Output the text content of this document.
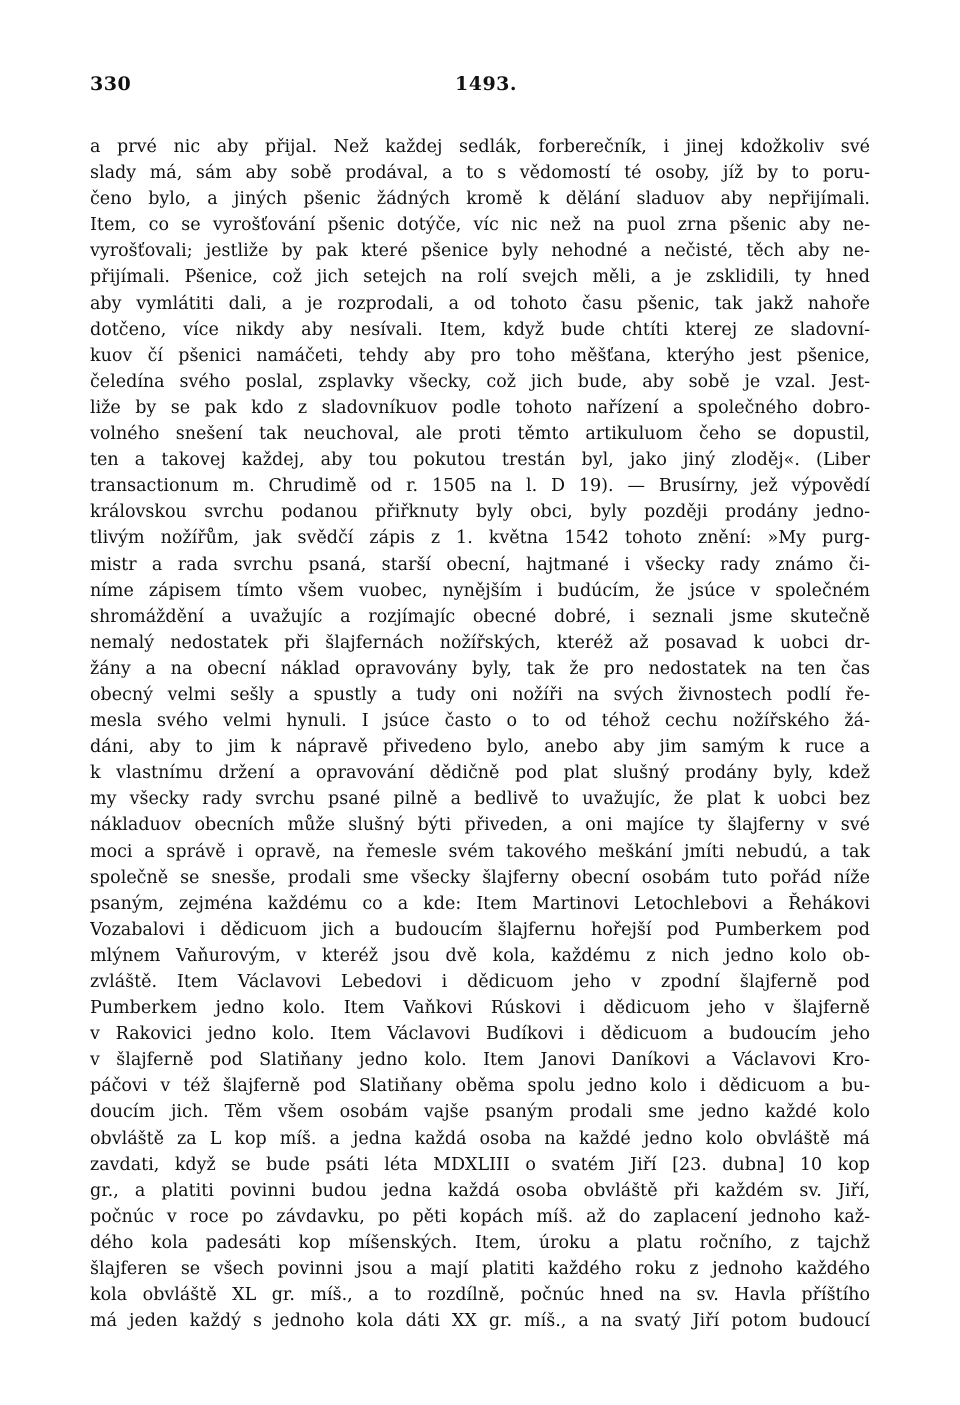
330	1493.
a prvé nic aby přijal. Než každej sedlák, forberečník, i jinej kdožkoliv své
slady má, sám aby sobě prodával, a to s vědomostí té osoby, jíž by to poru-
čeno bylo, a jiných pšenic žádných kromě k dělání sladuov aby nepřijímali.
Item, co se vyrošťování pšenic dotýče, víc nic než na puol zrna pšenic aby ne-
vyrošťovali; jestliže by pak které pšenice byly nehodné a nečisté, těch aby ne-
přijímali. Pšenice, což jich setejch na rolí svejch měli, a je zsklidili, ty hned
aby vymlátiti dali, a je rozprodali, a od tohoto času pšenic, tak jakž nahoře
dotčeno, více nikdy aby nesívali. Item, když bude chtíti kterej ze sladovní-
kuov čí pšenici namáčeti, tehdy aby pro toho měšťana, kterýho jest pšenice,
čeledína svého poslal, zsplavky všecky, což jich bude, aby sobě je vzal. Jest-
liže by se pak kdo z sladovníkuov podle tohoto nařízení a společného dobro-
volného snešení tak neuchoval, ale proti těmto artikuluom čeho se dopustil,
ten a takovej každej, aby tou pokutou trestán byl, jako jiný zloděj«. (Liber
transactionum m. Chrudimě od r. 1505 na l. D 19). — Brusírny, jež výpovědí
královskou svrchu podanou přiřknuty byly obci, byly později prodány jedno-
tlivým nožířům, jak svědčí zápis z 1. května 1542 tohoto znění: »My purg-
mistr a rada svrchu psaná, starší obecní, hajtmané i všecky rady známo či-
níme zápisem tímto všem vuobec, nynějším i budúcím, že jsúce v společném
shromáždění a uvažujíc a rozjímajíc obecné dobré, i seznali jsme skutečně
nemalý nedostatek při šlajfernách nožířských, kteréž až posavad k uobci dr-
žány a na obecní náklad opravovány byly, tak že pro nedostatek na ten čas
obecný velmi sešly a spustly a tudy oni nožíři na svých živnostech podlí ře-
mesla svého velmi hynuli. I jsúce často o to od téhož cechu nožířského žá-
dáni, aby to jim k nápravě přivedeno bylo, anebo aby jim samým k ruce a
k vlastnímu držení a opravování dědičně pod plat slušný prodány byly, kdež
my všecky rady svrchu psané pilně a bedlivě to uvažujíc, že plat k uobci bez
nákladuov obecních může slušný býti přiveden, a oni majíce ty šlajferny v své
moci a správě i opravě, na řemesle svém takového meškání jmíti nebudú, a tak
společně se snesše, prodali sme všecky šlajferny obecní osobám tuto pořád níže
psaným, zejména každému co a kde: Item Martinovi Letochlebovi a Řehákovi
Vozabalovi i dědicuom jich a budoucím šlajfernu hořejší pod Pumberkem pod
mlýnem Vaňurovým, v kteréž jsou dvě kola, každému z nich jedno kolo ob-
zvláště. Item Václavovi Lebedovi i dědicuom jeho v zpodní šlajferně pod
Pumberkem jedno kolo. Item Vaňkovi Rúskovi i dědicuom jeho v šlajferně
v Rakovici jedno kolo. Item Václavovi Budíkovi i dědicuom a budoucím jeho
v šlajferně pod Slatiňany jedno kolo. Item Janovi Daníkovi a Václavovi Kro-
páčovi v též šlajferně pod Slatiňany oběma spolu jedno kolo i dědicuom a bu-
doucím jich. Těm všem osobám vajše psaným prodali sme jedno každé kolo
obvláště za L kop míš. a jedna každá osoba na každé jedno kolo obvláště má
zavdati, když se bude psáti léta MDXLIII o svatém Jiří [23. dubna] 10 kop
gr., a platiti povinni budou jedna každá osoba obvláště při každém sv. Jiří,
počnúc v roce po závdavku, po pěti kopách míš. až do zaplacení jednoho kaž-
dého kola padesáti kop míšenských. Item, úroku a platu ročního, z tajchž
šlajferen se všech povinni jsou a mají platiti každého roku z jednoho každého
kola obvláště XL gr. míš., a to rozdílně, počnúc hned na sv. Havla příštího
má jeden každý s jednoho kola dáti XX gr. míš., a na svatý Jiří potom budoucí
